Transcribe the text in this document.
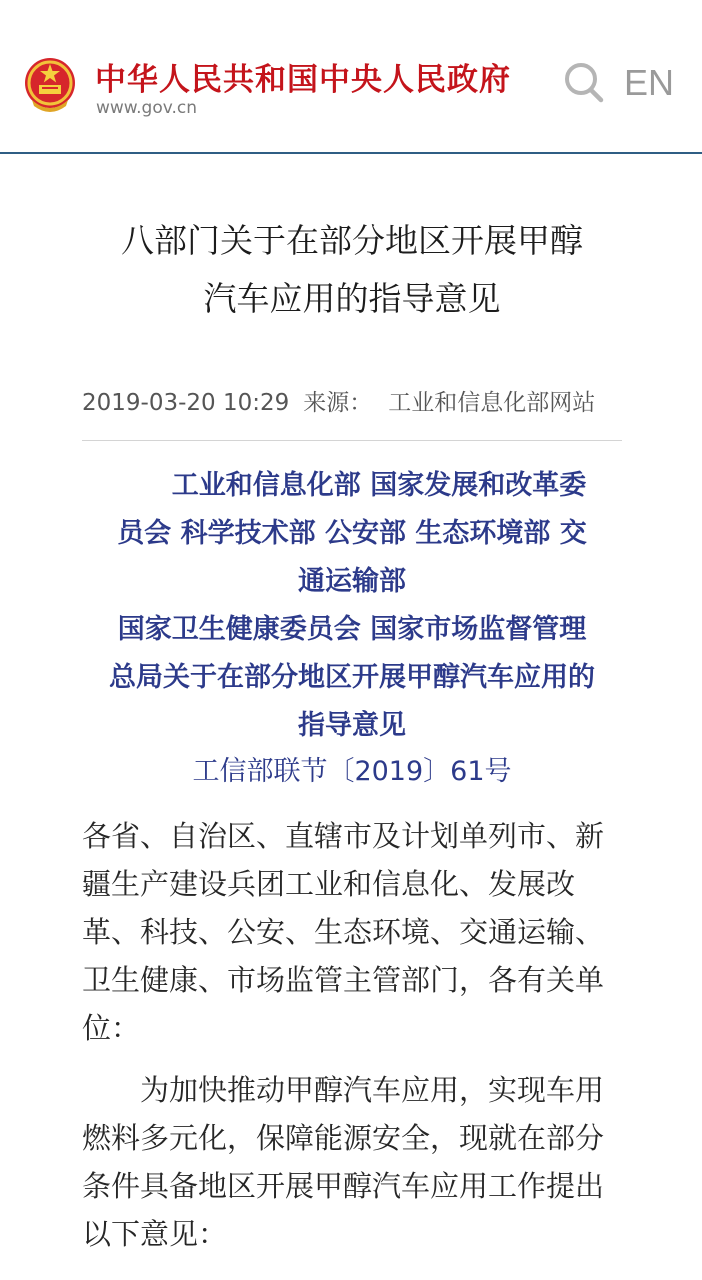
中华人民共和国中央人民政府
www.gov.cn
EN
八部门关于在部分地区开展甲醇
汽车应用的指导意见
2019-03-20 10:29 来源： 工业和信息化部网站
工业和信息化部 国家发展和改革委
员会 科学技术部 公安部 生态环境部 交
通运输部
国家卫生健康委员会 国家市场监督管理
总局关于在部分地区开展甲醇汽车应用的
指导意见
工信部联节〔2019〕61号
各省、自治区、直辖市及计划单列市、新
疆生产建设兵团工业和信息化、发展改
革、科技、公安、生态环境、交通运输、
卫生健康、市场监管主管部门，各有关单
位：
为加快推动甲醇汽车应用，实现车用
燃料多元化，保障能源安全，现就在部分
条件具备地区开展甲醇汽车应用工作提出
以下意见：
